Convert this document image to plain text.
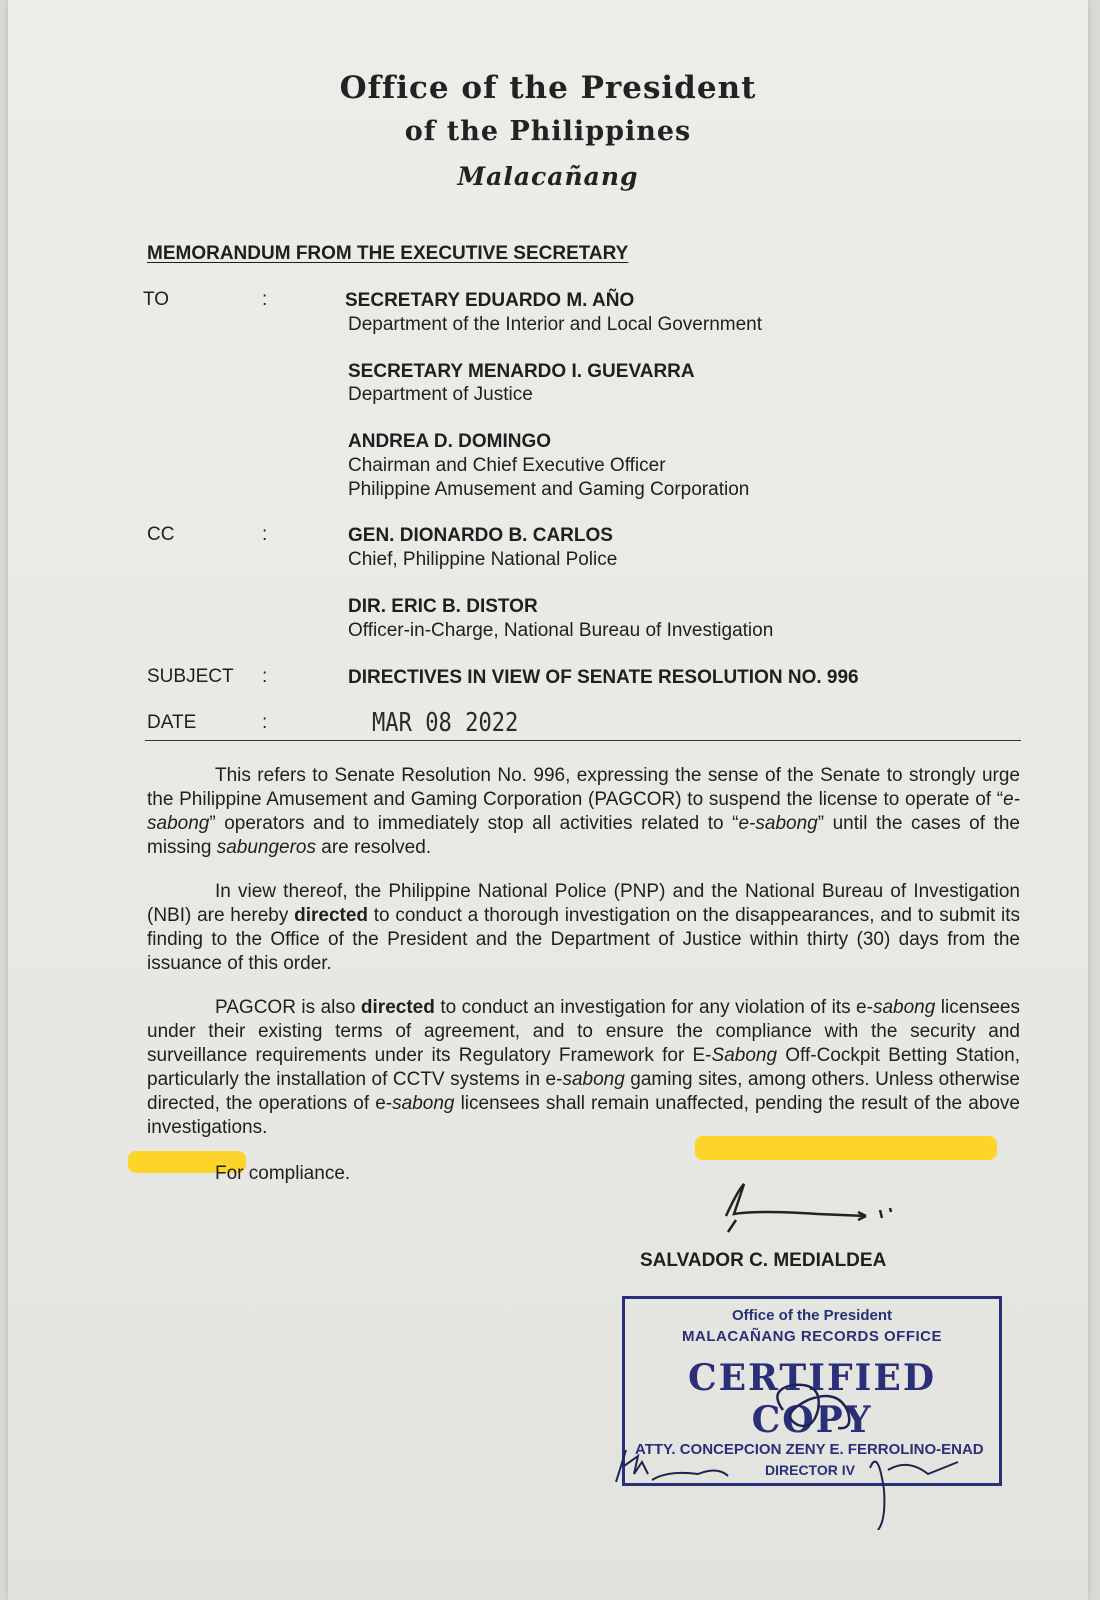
Office of the President
of the Philippines
Malacañang
MEMORANDUM FROM THE EXECUTIVE SECRETARY
TO	:	SECRETARY EDUARDO M. AÑO
Department of the Interior and Local Government
SECRETARY MENARDO I. GUEVARRA
Department of Justice
ANDREA D. DOMINGO
Chairman and Chief Executive Officer
Philippine Amusement and Gaming Corporation
CC	:	GEN. DIONARDO B. CARLOS
Chief, Philippine National Police
DIR. ERIC B. DISTOR
Officer-in-Charge, National Bureau of Investigation
SUBJECT :	DIRECTIVES IN VIEW OF SENATE RESOLUTION NO. 996
DATE	:	MAR 08 2022
This refers to Senate Resolution No. 996, expressing the sense of the Senate to strongly urge the Philippine Amusement and Gaming Corporation (PAGCOR) to suspend the license to operate of “e-sabong” operators and to immediately stop all activities related to “e-sabong” until the cases of the missing sabungeros are resolved.
In view thereof, the Philippine National Police (PNP) and the National Bureau of Investigation (NBI) are hereby directed to conduct a thorough investigation on the disappearances, and to submit its finding to the Office of the President and the Department of Justice within thirty (30) days from the issuance of this order.
PAGCOR is also directed to conduct an investigation for any violation of its e-sabong licensees under their existing terms of agreement, and to ensure the compliance with the security and surveillance requirements under its Regulatory Framework for E-Sabong Off-Cockpit Betting Station, particularly the installation of CCTV systems in e-sabong gaming sites, among others. Unless otherwise directed, the operations of e-sabong licensees shall remain unaffected, pending the result of the above investigations.
For compliance.
SALVADOR C. MEDIALDEA
Office of the President
MALACAÑANG RECORDS OFFICE
CERTIFIED COPY
ATTY. CONCEPCION ZENY E. FERROLINO-ENAD
DIRECTOR IV
